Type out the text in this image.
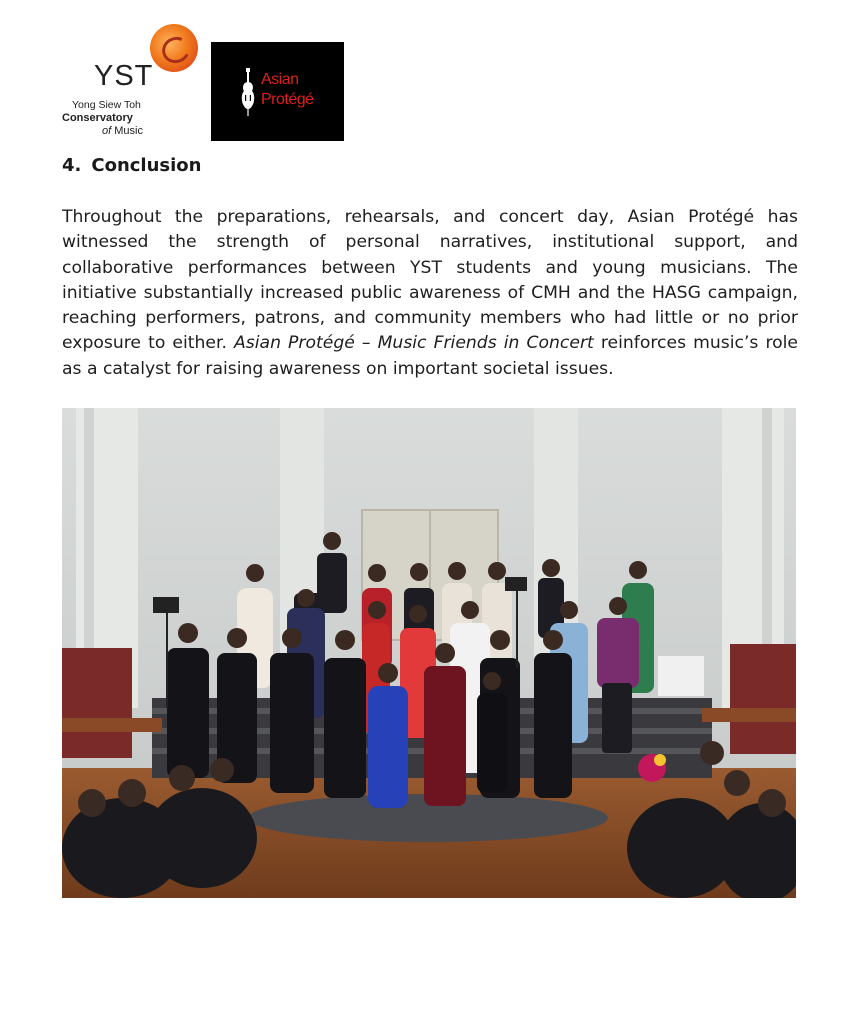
YST
Yong Siew Toh
Conservatory
of Music
Asian
Protégé
4. Conclusion
Throughout the preparations, rehearsals, and concert day, Asian Protégé has witnessed the strength of personal narratives, institutional support, and collaborative performances between YST students and young musicians. The initiative substantially increased public awareness of CMH and the HASG campaign, reaching performers, patrons, and community members who had little or no prior exposure to either. Asian Protégé – Music Friends in Concert reinforces music’s role as a catalyst for raising awareness on important societal issues.
